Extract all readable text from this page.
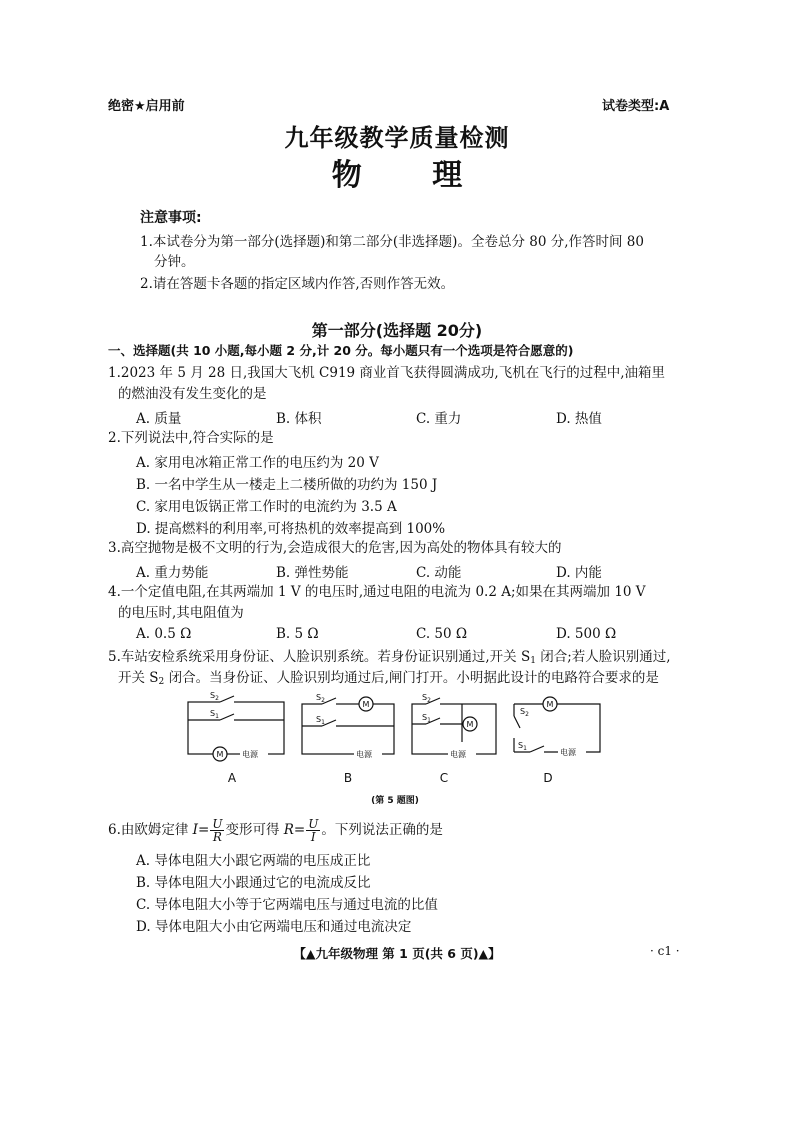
绝密★启用前	试卷类型:A
九年级教学质量检测
物 理
注意事项:
1.本试卷分为第一部分(选择题)和第二部分(非选择题)。全卷总分 80 分,作答时间 80
分钟。
2.请在答题卡各题的指定区域内作答,否则作答无效。
第一部分(选择题 20分)
一、选择题(共 10 小题,每小题 2 分,计 20 分。每小题只有一个选项是符合愿意的)
1.2023 年 5 月 28 日,我国大飞机 C919 商业首飞获得圆满成功,飞机在飞行的过程中,油箱里
的燃油没有发生变化的是
A. 质量	B. 体积	C. 重力	D. 热值
2.下列说法中,符合实际的是
A. 家用电冰箱正常工作的电压约为 20 V
B. 一名中学生从一楼走上二楼所做的功约为 150 J
C. 家用电饭锅正常工作时的电流约为 3.5 A
D. 提高燃料的利用率,可将热机的效率提高到 100%
3.高空抛物是极不文明的行为,会造成很大的危害,因为高处的物体具有较大的
A. 重力势能	B. 弹性势能	C. 动能	D. 内能
4.一个定值电阻,在其两端加 1 V 的电压时,通过电阻的电流为 0.2 A;如果在其两端加 10 V
的电压时,其电阻值为
A. 0.5 Ω	B. 5 Ω	C. 50 Ω	D. 500 Ω
5.车站安检系统采用身份证、人脸识别系统。若身份证识别通过,开关 $S_1$ 闭合;若人脸识别通过,
开关 $S_2$ 闭合。当身份证、人脸识别均通过后,闸门打开。小明据此设计的电路符合要求的是
M
M
M
M
电源	电源	电源	电源
$S_2$
$S_1$
$S_2$
$S_1$
$S_2$
$S_1$
$S_2$
$S_1$
A	B	C	D
(第 5 题图)
6.由欧姆定律 $I= \frac{U}{R}$ 变形可得 $R= \frac{U}{I}$ 。下列说法正确的是
A. 导体电阻大小跟它两端的电压成正比
B. 导体电阻大小跟通过它的电流成反比
C. 导体电阻大小等于它两端电压与通过电流的比值
D. 导体电阻大小由它两端电压和通过电流决定
【▲九年级物理 第 1 页(共 6 页)▲】	· c1 ·
